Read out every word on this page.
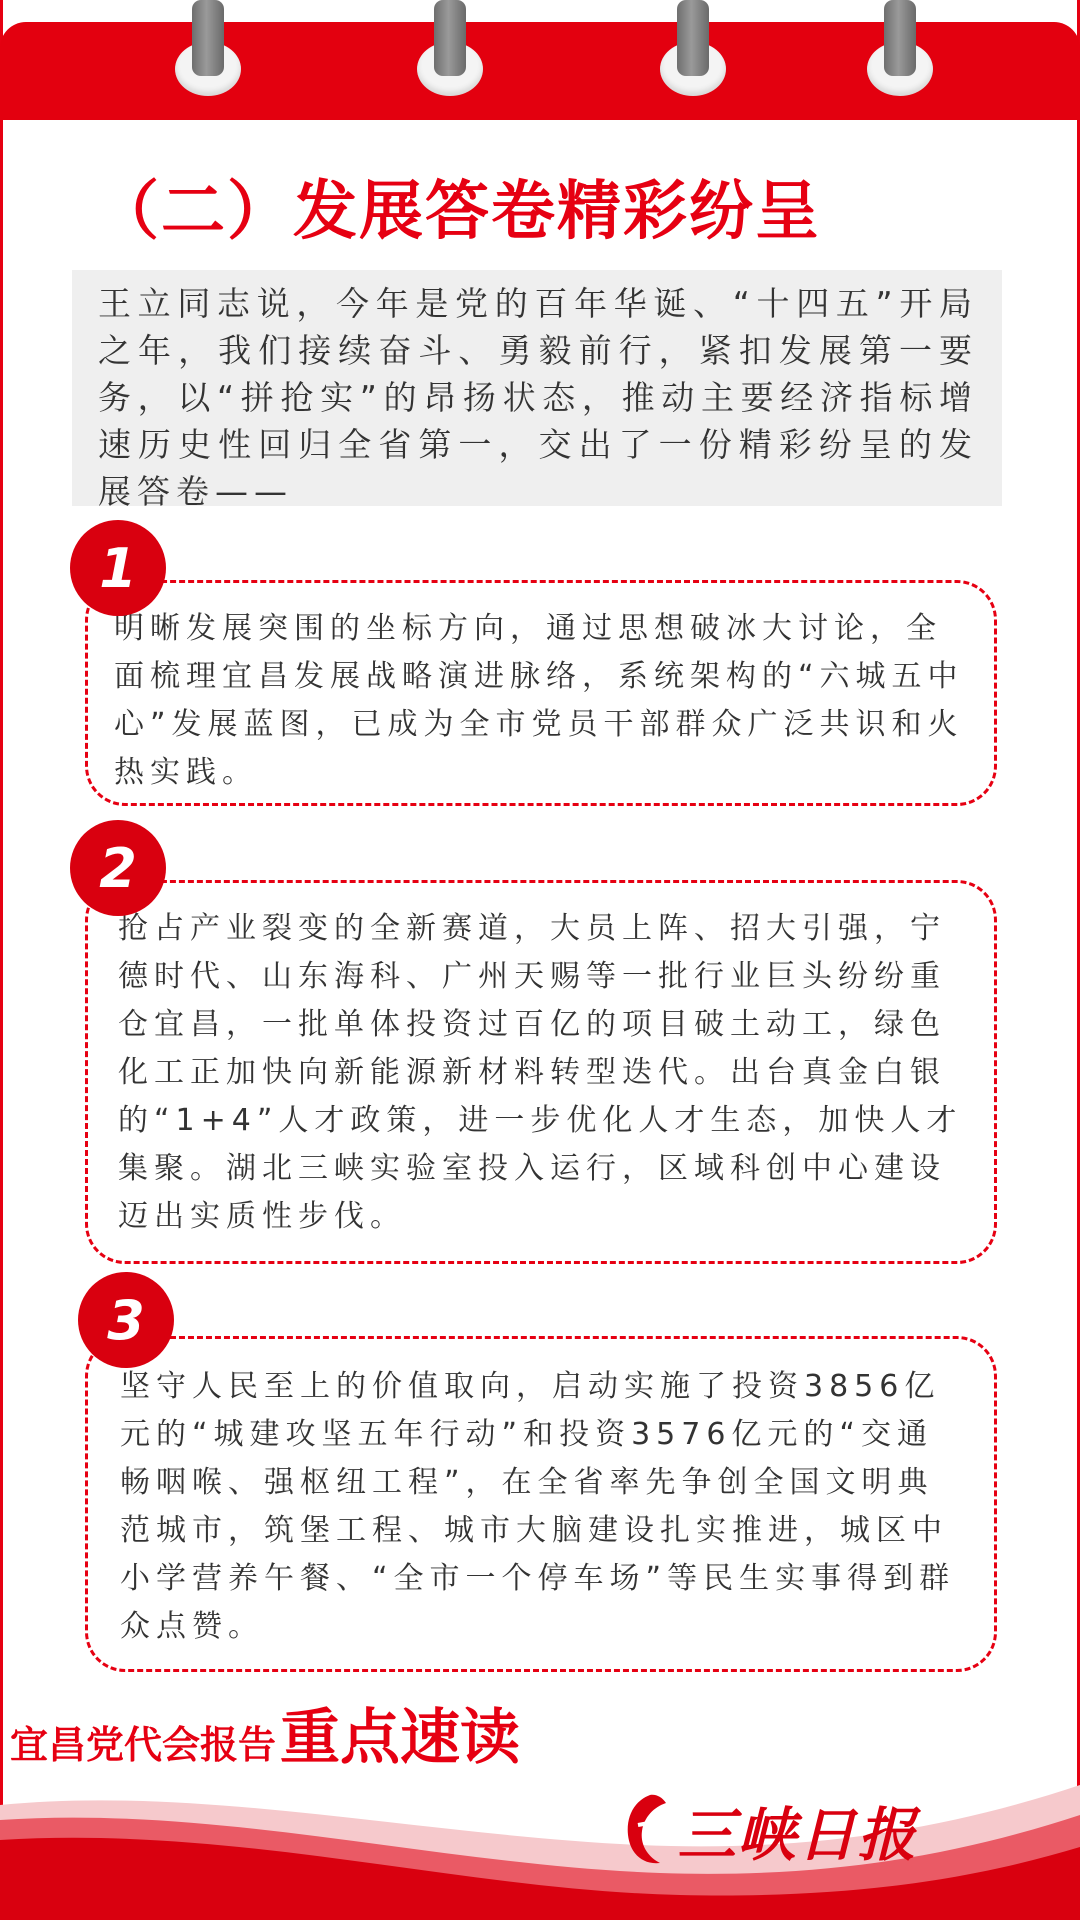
（二）发展答卷精彩纷呈
王立同志说，今年是党的百年华诞、“十四五”开局之年，我们接续奋斗、勇毅前行，紧扣发展第一要务，以“拼抢实”的昂扬状态，推动主要经济指标增速历史性回归全省第一，交出了一份精彩纷呈的发展答卷——
明晰发展突围的坐标方向，通过思想破冰大讨论，全面梳理宜昌发展战略演进脉络，系统架构的“六城五中心”发展蓝图，已成为全市党员干部群众广泛共识和火热实践。
1
抢占产业裂变的全新赛道，大员上阵、招大引强，宁德时代、山东海科、广州天赐等一批行业巨头纷纷重仓宜昌，一批单体投资过百亿的项目破土动工，绿色化工正加快向新能源新材料转型迭代。出台真金白银的“1+4”人才政策，进一步优化人才生态，加快人才集聚。湖北三峡实验室投入运行，区域科创中心建设迈出实质性步伐。
2
坚守人民至上的价值取向，启动实施了投资3856亿元的“城建攻坚五年行动”和投资3576亿元的“交通畅咽喉、强枢纽工程”，在全省率先争创全国文明典范城市，筑堡工程、城市大脑建设扎实推进，城区中小学营养午餐、“全市一个停车场”等民生实事得到群众点赞。
3
宜昌党代会报告重点速读
三峡日报
